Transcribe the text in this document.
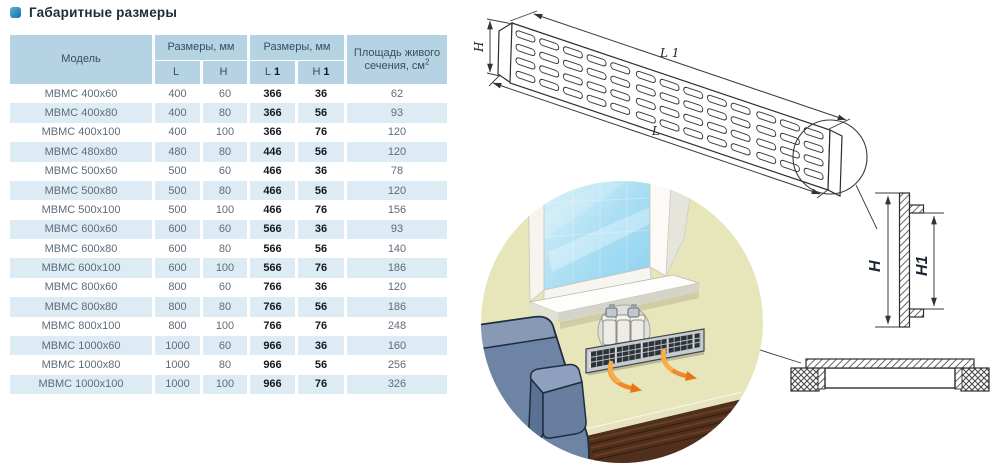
Габаритные размеры
Модель
Размеры, мм	Размеры, мм	Площадь живого сечения, $см^2$
L	H	L 1	H 1
МВМС 400x60	400	60	366	36	62
МВМС 400x80	400	80	366	56	93
МВМС 400x100	400	100	366	76	120
МВМС 480x80	480	80	446	56	120
МВМС 500x60	500	60	466	36	78
МВМС 500x80	500	80	466	56	120
МВМС 500x100	500	100	466	76	156
МВМС 600x60	600	60	566	36	93
МВМС 600x80	600	80	566	56	140
МВМС 600x100	600	100	566	76	186
МВМС 800x60	800	60	766	36	120
МВМС 800x80	800	80	766	56	186
МВМС 800x100	800	100	766	76	248
МВМС 1000x60	1000	60	966	36	160
МВМС 1000x80	1000	80	966	56	256
МВМС 1000x100	1000	100	966	76	326
H	L 1
L
H H1
